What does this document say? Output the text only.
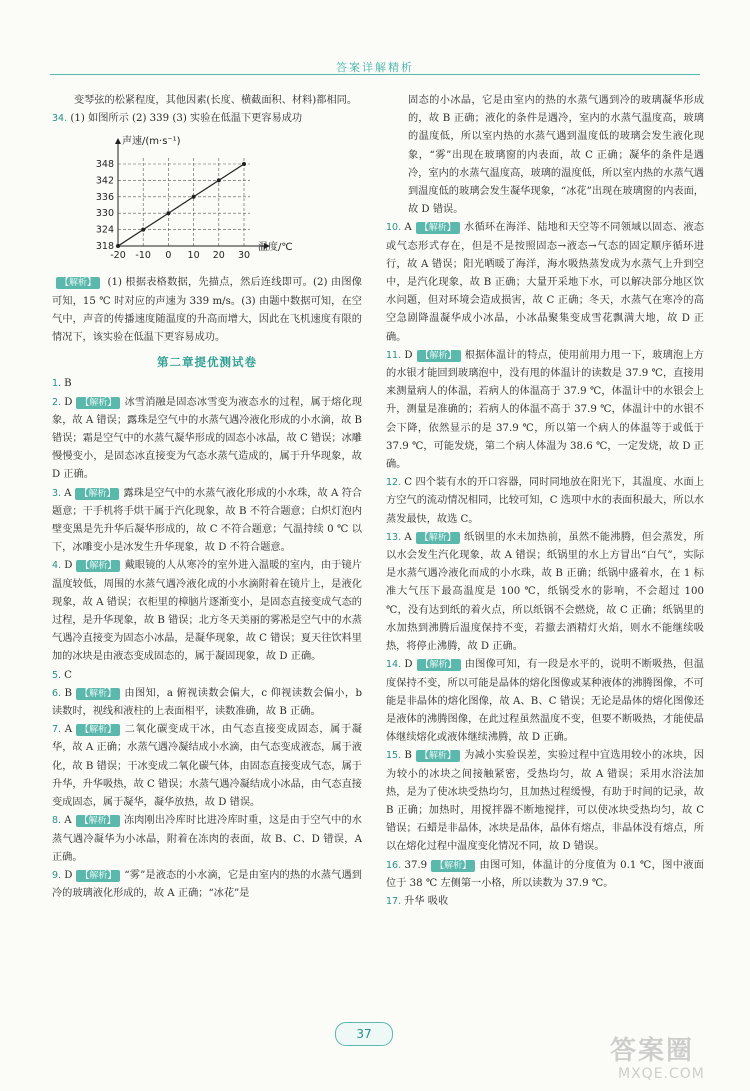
答案详解精析

变琴弦的松紧程度，其他因素(长度、横截面积、材料)都相同。

34. (1) 如图所示 (2) 339 (3) 实验在低温下更容易成功

318
324
330
336
342
348
-20 -10 0 10 20 30
声速/(m·s⁻¹)
温度/℃

【解析】 (1) 根据表格数据，先描点，然后连线即可。(2) 由图像可知，15 ℃ 时对应的声速为 339 m/s。(3) 由题中数据可知，在空气中，声音的传播速度随温度的升高而增大，因此在飞机速度有限的情况下，该实验在低温下更容易成功。

第二章提优测试卷

1. B

2. D 【解析】 冰雪消融是固态冰雪变为液态水的过程，属于熔化现象，故 A 错误；露珠是空气中的水蒸气遇冷液化形成的小水滴，故 B 错误；霜是空气中的水蒸气凝华形成的固态小冰晶，故 C 错误；冰雕慢慢变小，是固态冰直接变为气态水蒸气造成的，属于升华现象，故 D 正确。

3. A 【解析】 露珠是空气中的水蒸气液化形成的小水珠，故 A 符合题意；干手机将手烘干属于汽化现象，故 B 不符合题意；白炽灯泡内壁变黑是先升华后凝华形成的，故 C 不符合题意；气温持续 0 ℃ 以下，冰雕变小是冰发生升华现象，故 D 不符合题意。

4. D 【解析】 戴眼镜的人从寒冷的室外进入温暖的室内，由于镜片温度较低，周围的水蒸气遇冷液化成的小水滴附着在镜片上，是液化现象，故 A 错误；衣柜里的樟脑片逐渐变小，是固态直接变成气态的过程，是升华现象，故 B 错误；北方冬天美丽的雾凇是空气中的水蒸气遇冷直接变为固态小冰晶，是凝华现象，故 C 错误；夏天往饮料里加的冰块是由液态变成固态的，属于凝固现象，故 D 正确。

5. C

6. B 【解析】 由图知，a 俯视读数会偏大，c 仰视读数会偏小，b 读数时，视线和液柱的上表面相平，读数准确，故 B 正确。

7. A 【解析】 二氧化碳变成干冰，由气态直接变成固态，属于凝华，故 A 正确；水蒸气遇冷凝结成小水滴，由气态变成液态，属于液化，故 B 错误；干冰变成二氧化碳气体，由固态直接变成气态，属于升华，升华吸热，故 C 错误；水蒸气遇冷凝结成小冰晶，由气态直接变成固态，属于凝华，凝华放热，故 D 错误。

8. A 【解析】 冻肉刚出冷库时比进冷库时重，这是由于空气中的水蒸气遇冷凝华为小冰晶，附着在冻肉的表面，故 B、C、D 错误，A 正确。

9. D 【解析】 “雾”是液态的小水滴，它是由室内的热的水蒸气遇到冷的玻璃液化形成的，故 A 正确；“冰花”是

固态的小冰晶，它是由室内的热的水蒸气遇到冷的玻璃凝华形成的，故 B 正确；液化的条件是遇冷，室内的水蒸气温度高，玻璃的温度低，所以室内热的水蒸气遇到温度低的玻璃会发生液化现象，“雾”出现在玻璃窗的内表面，故 C 正确；凝华的条件是遇冷，室内的水蒸气温度高，玻璃的温度低，所以室内热的水蒸气遇到温度低的玻璃会发生凝华现象，“冰花”出现在玻璃窗的内表面，故 D 错误。

10. A 【解析】 水循环在海洋、陆地和天空等不同领域以固态、液态或气态形式存在，但是不是按照固态→液态→气态的固定顺序循环进行，故 A 错误；阳光晒暖了海洋，海水吸热蒸发成为水蒸气上升到空中，是汽化现象，故 B 正确；大量开采地下水，可以解决部分地区饮水问题，但对环境会造成损害，故 C 正确；冬天，水蒸气在寒冷的高空急剧降温凝华成小冰晶，小冰晶聚集变成雪花飘满大地，故 D 正确。

11. D 【解析】 根据体温计的特点，使用前用力甩一下，玻璃泡上方的水银才能回到玻璃泡中，没有甩的体温计的读数是 37.9 ℃，直接用来测量病人的体温，若病人的体温高于 37.9 ℃，体温计中的水银会上升，测量是准确的；若病人的体温不高于 37.9 ℃，体温计中的水银不会下降，依然显示的是 37.9 ℃，所以第一个病人的体温等于或低于 37.9 ℃，可能发烧，第二个病人体温为 38.6 ℃，一定发烧，故 D 正确。

12. C 四个装有水的开口容器，同时同地放在阳光下，其温度、水面上方空气的流动情况相同，比较可知，C 选项中水的表面积最大，所以水蒸发最快，故选 C。

13. A 【解析】 纸锅里的水未加热前，虽然不能沸腾，但会蒸发，所以水会发生汽化现象，故 A 错误；纸锅里的水上方冒出“白气”，实际是水蒸气遇冷液化而成的小水珠，故 B 正确；纸锅中盛着水，在 1 标准大气压下最高温度是 100 ℃，纸锅受水的影响，不会超过 100 ℃，没有达到纸的着火点，所以纸锅不会燃烧，故 C 正确；纸锅里的水加热到沸腾后温度保持不变，若撤去酒精灯火焰，则水不能继续吸热，将停止沸腾，故 D 正确。

14. D 【解析】 由图像可知，有一段是水平的，说明不断吸热，但温度保持不变，所以可能是晶体的熔化图像或某种液体的沸腾图像，不可能是非晶体的熔化图像，故 A、B、C 错误；无论是晶体的熔化图像还是液体的沸腾图像，在此过程虽然温度不变，但要不断吸热，才能使晶体继续熔化或液体继续沸腾，故 D 正确。

15. B 【解析】 为减小实验误差，实验过程中宜选用较小的冰块，因为较小的冰块之间接触紧密，受热均匀，故 A 错误；采用水浴法加热，是为了使冰块受热均匀，且加热过程缓慢，有助于时间的记录，故 B 正确；加热时，用搅拌器不断地搅拌，可以使冰块受热均匀，故 C 错误；石蜡是非晶体，冰块是晶体，晶体有熔点，非晶体没有熔点，所以在熔化过程中温度变化情况不同，故 D 错误。

16. 37.9 【解析】 由图可知，体温计的分度值为 0.1 ℃，图中液面位于 38 ℃ 左侧第一小格，所以读数为 37.9 ℃。

17. 升华 吸收

37
答案圈
MXQE.COM
